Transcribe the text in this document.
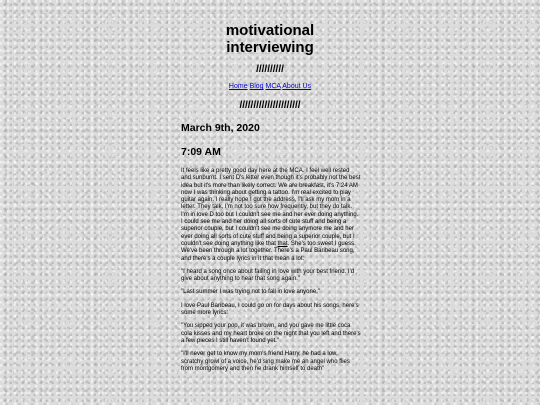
motivational
interviewing
//////////
Home Blog MCA About Us
//////////////////////
March 9th, 2020
7:09 AM

It feels like a pretty good day here at the MCA. I feel well rested and sunburnt. I sent D's letter even though it's probably not the best idea but it's more than likely correct. We are breakfast, it's 7:24 AM now I was thinking about getting a tattoo. I'm real excited to play guitar again. I really hope I got the address, I'll ask my mom in a letter. They talk, I'm not too sure how frequently, but they do talk. I'm in love D too but I couldn't see me and her ever doing anything. I could see me and her doing all sorts of cute stuff and being a superior couple, but I couldn't see me doing anymore me and her ever doing all sorts of cute stuff and being a superior couple, but I couldn't see doing anything like that that. She's too sweet I guess. We've been through a lot together. There's a Paul Baribeau song, and there's a couple lyrics in it that mean a lot:

"I heard a song once about failing in love with your best friend. I'd give about anything to hear that song again."

"Last summer I was trying not to fall in love anyone."

I love Paul Baribeau, I could go on for days about his songs, here's some more lyrics:

"You sipped your pop, it was brown, and you gave me little coca cola kisses and my heart broke on the night that you left and there's a few pieces I still haven't found yet."

"I'll never get to know my mom's friend Harry, he had a low, scratchy growl of a voice, he'd sing make me an angel who flies from montgomery and then he drank himself to death"
